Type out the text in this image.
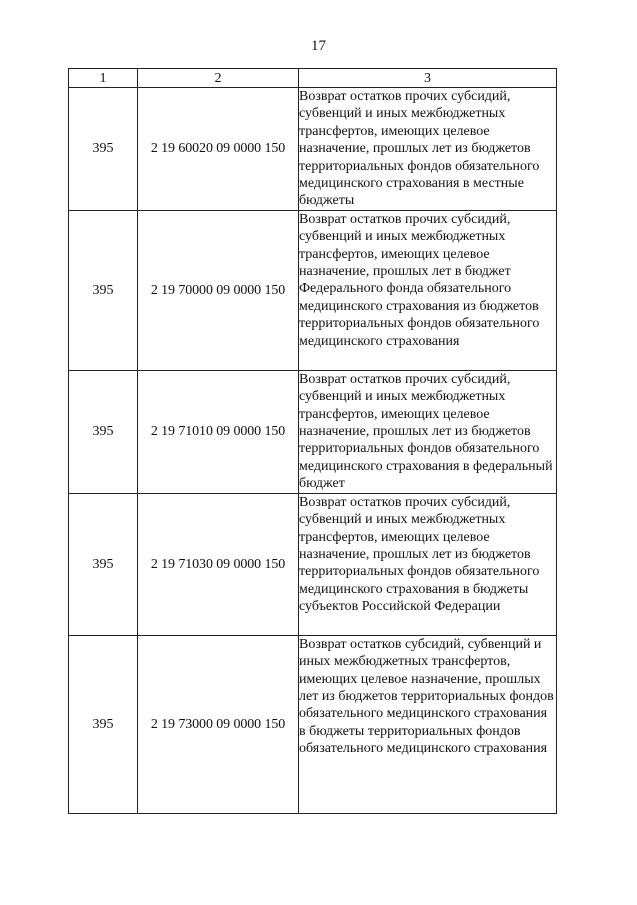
17
1	2	3
395	2 19 60020 09 0000 150	Возврат остатков прочих субсидий, субвенций и иных межбюджетных трансфертов, имеющих целевое назначение, прошлых лет из бюджетов территориальных фондов обязательного медицинского страхования в местные бюджеты
395	2 19 70000 09 0000 150	Возврат остатков прочих субсидий, субвенций и иных межбюджетных трансфертов, имеющих целевое назначение, прошлых лет в бюджет Федерального фонда обязательного медицинского страхования из бюджетов территориальных фондов обязательного медицинского страхования
395	2 19 71010 09 0000 150	Возврат остатков прочих субсидий, субвенций и иных межбюджетных трансфертов, имеющих целевое назначение, прошлых лет из бюджетов территориальных фондов обязательного медицинского страхования в федеральный бюджет
395	2 19 71030 09 0000 150	Возврат остатков прочих субсидий, субвенций и иных межбюджетных трансфертов, имеющих целевое назначение, прошлых лет из бюджетов территориальных фондов обязательного медицинского страхования в бюджеты субъектов Российской Федерации
395	2 19 73000 09 0000 150	Возврат остатков субсидий, субвенций и иных межбюджетных трансфертов, имеющих целевое назначение, прошлых лет из бюджетов территориальных фондов обязательного медицинского страхования в бюджеты территориальных фондов обязательного медицинского страхования
